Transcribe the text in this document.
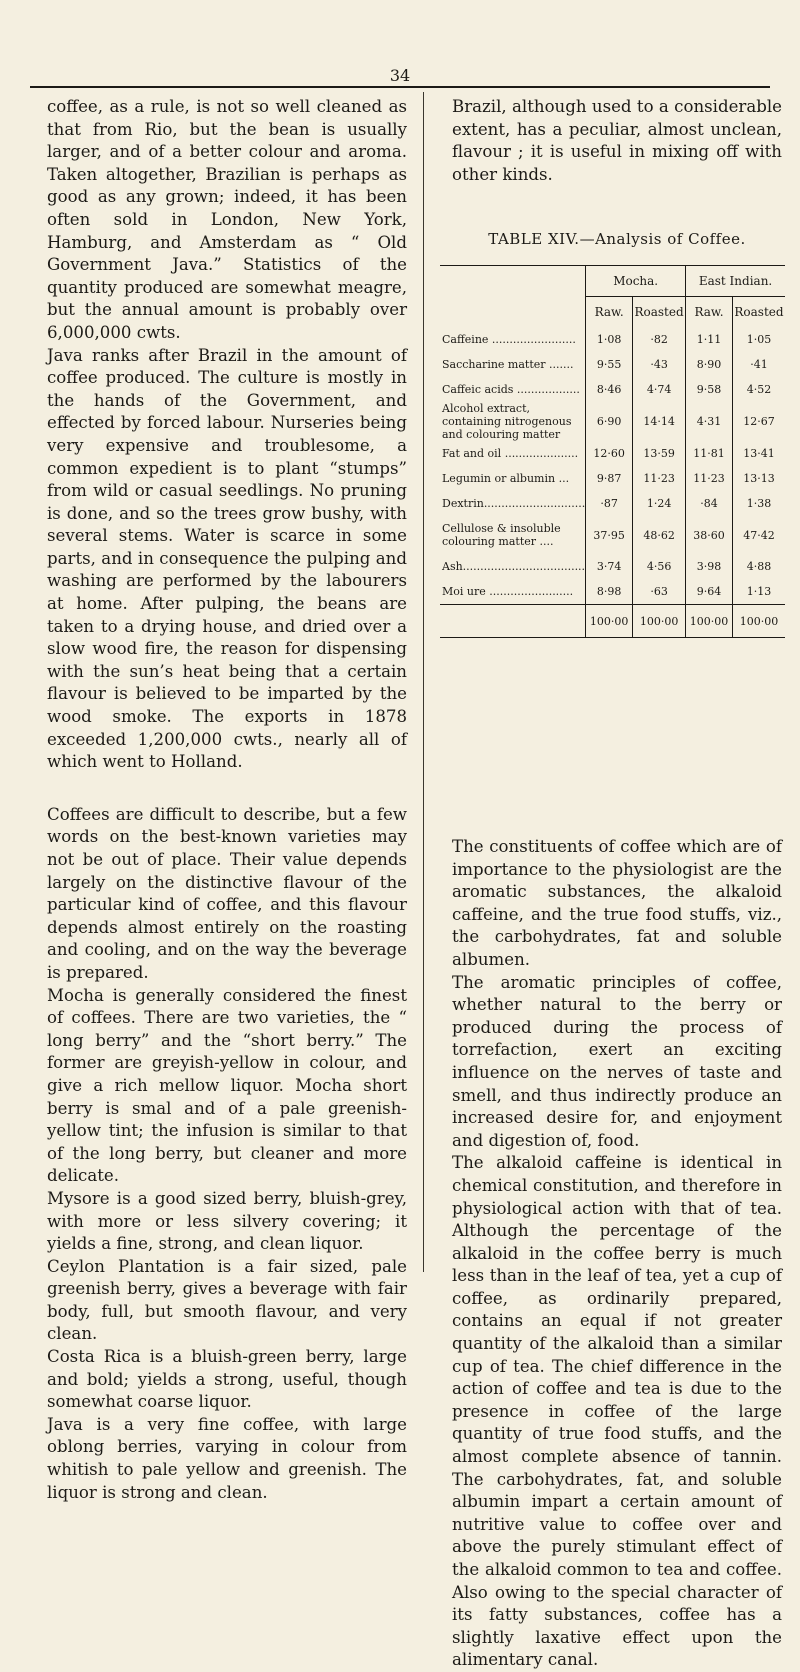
34

coffee, as a rule, is not so well cleaned as that from Rio, but the bean is usually larger, and of a better colour and aroma. Taken altogether, Brazilian is perhaps as good as any grown; indeed, it has been often sold in London, New York, Hamburg, and Amsterdam as “ Old Government Java.” Statistics of the quantity produced are somewhat meagre, but the annual amount is probably over 6,000,000 cwts.

Java ranks after Brazil in the amount of coffee produced. The culture is mostly in the hands of the Government, and effected by forced labour. Nurseries being very expensive and troublesome, a common expedient is to plant “stumps” from wild or casual seedlings. No pruning is done, and so the trees grow bushy, with several stems. Water is scarce in some parts, and in consequence the pulping and washing are performed by the labourers at home. After pulping, the beans are taken to a drying house, and dried over a slow wood fire, the reason for dispensing with the sun’s heat being that a certain flavour is believed to be imparted by the wood smoke. The exports in 1878 exceeded 1,200,000 cwts., nearly all of which went to Holland.

Coffees are difficult to describe, but a few words on the best-known varieties may not be out of place. Their value depends largely on the distinctive flavour of the particular kind of coffee, and this flavour depends almost entirely on the roasting and cooling, and on the way the beverage is prepared.

Mocha is generally considered the finest of coffees. There are two varieties, the “ long berry” and the “short berry.” The former are greyish-yellow in colour, and give a rich mellow liquor. Mocha short berry is smal and of a pale greenish-yellow tint; the infusion is similar to that of the long berry, but cleaner and more delicate.

Mysore is a good sized berry, bluish-grey, with more or less silvery covering; it yields a fine, strong, and clean liquor.

Ceylon Plantation is a fair sized, pale greenish berry, gives a beverage with fair body, full, but smooth flavour, and very clean.

Costa Rica is a bluish-green berry, large and bold; yields a strong, useful, though somewhat coarse liquor.

Java is a very fine coffee, with large oblong berries, varying in colour from whitish to pale yellow and greenish. The liquor is strong and clean.

Brazil, although used to a considerable extent, has a peculiar, almost unclean, flavour ; it is useful in mixing off with other kinds.

TABLE XIV.—Analysis of Coffee.
	Mocha.		East Indian.	
	Raw.	Roasted	Raw.	Roasted
Caffeine ........................	1·08	·82	1·11	1·05
Saccharine matter .......	9·55	·43	8·90	·41
Caffeic acids ..................	8·46	4·74	9·58	4·52
Alcohol extract, containing nitrogenous and colouring matter	6·90	14·14	4·31	12·67
Fat and oil .....................	12·60	13·59	11·81	13·41
Legumin or albumin ...	9·87	11·23	11·23	13·13
Dextrin.............................	·87	1·24	·84	1·38
Cellulose & insoluble colouring matter ....	37·95	48·62	38·60	47·42
Ash...................................	3·74	4·56	3·98	4·88
Moi ure ........................	8·98	·63	9·64	1·13
	100·00	100·00	100·00	100·00

The constituents of coffee which are of importance to the physiologist are the aromatic substances, the alkaloid caffeine, and the true food stuffs, viz., the carbohydrates, fat and soluble albumen.

The aromatic principles of coffee, whether natural to the berry or produced during the process of torrefaction, exert an exciting influence on the nerves of taste and smell, and thus indirectly produce an increased desire for, and enjoyment and digestion of, food.

The alkaloid caffeine is identical in chemical constitution, and therefore in physiological action with that of tea. Although the percentage of the alkaloid in the coffee berry is much less than in the leaf of tea, yet a cup of coffee, as ordinarily prepared, contains an equal if not greater quantity of the alkaloid than a similar cup of tea. The chief difference in the action of coffee and tea is due to the presence in coffee of the large quantity of true food stuffs, and the almost complete absence of tannin. The carbohydrates, fat, and soluble albumin impart a certain amount of nutritive value to coffee over and above the purely stimulant effect of the alkaloid common to tea and coffee. Also owing to the special character of its fatty substances, coffee has a slightly laxative effect upon the alimentary canal.
